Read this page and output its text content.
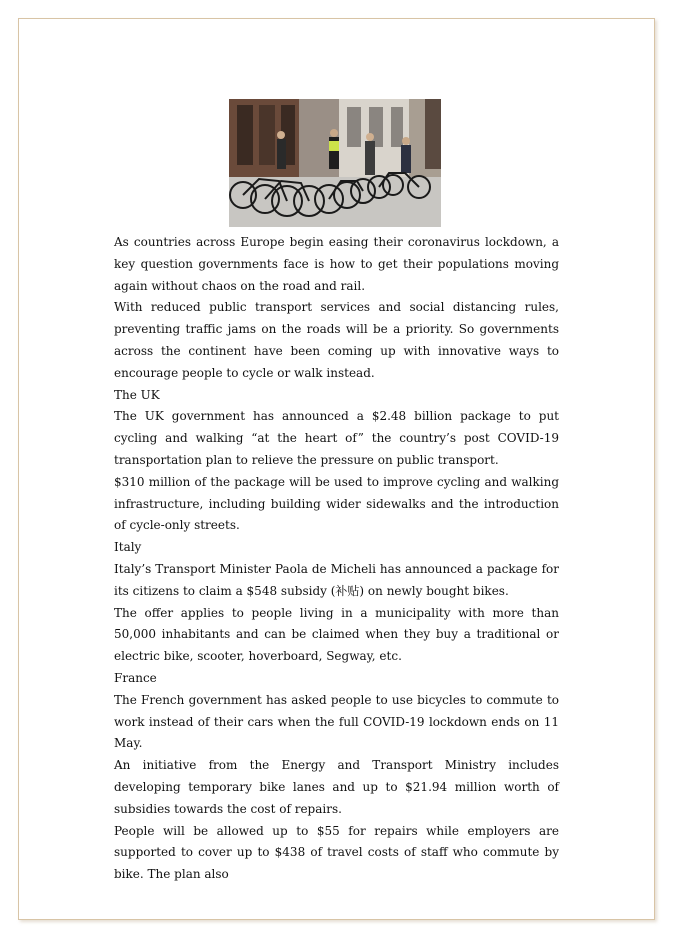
As countries across Europe begin easing their coronavirus lockdown, a key question governments face is how to get their populations moving again without chaos on the road and rail.

With reduced public transport services and social distancing rules, preventing traffic jams on the roads will be a priority. So governments across the continent have been coming up with innovative ways to encourage people to cycle or walk instead.

The UK

The UK government has announced a $2.48 billion package to put cycling and walking “at the heart of” the country’s post COVID-19 transportation plan to relieve the pressure on public transport.

$310 million of the package will be used to improve cycling and walking infrastructure, including building wider sidewalks and the introduction of cycle-only streets.

Italy

Italy’s Transport Minister Paola de Micheli has announced a package for its citizens to claim a $548 subsidy (补贴) on newly bought bikes.

The offer applies to people living in a municipality with more than 50,000 inhabitants and can be claimed when they buy a traditional or electric bike, scooter, hoverboard, Segway, etc.

France

The French government has asked people to use bicycles to commute to work instead of their cars when the full COVID-19 lockdown ends on 11 May.

An initiative from the Energy and Transport Ministry includes developing temporary bike lanes and up to $21.94 million worth of subsidies towards the cost of repairs.

People will be allowed up to $55 for repairs while employers are supported to cover up to $438 of travel costs of staff who commute by bike. The plan also
